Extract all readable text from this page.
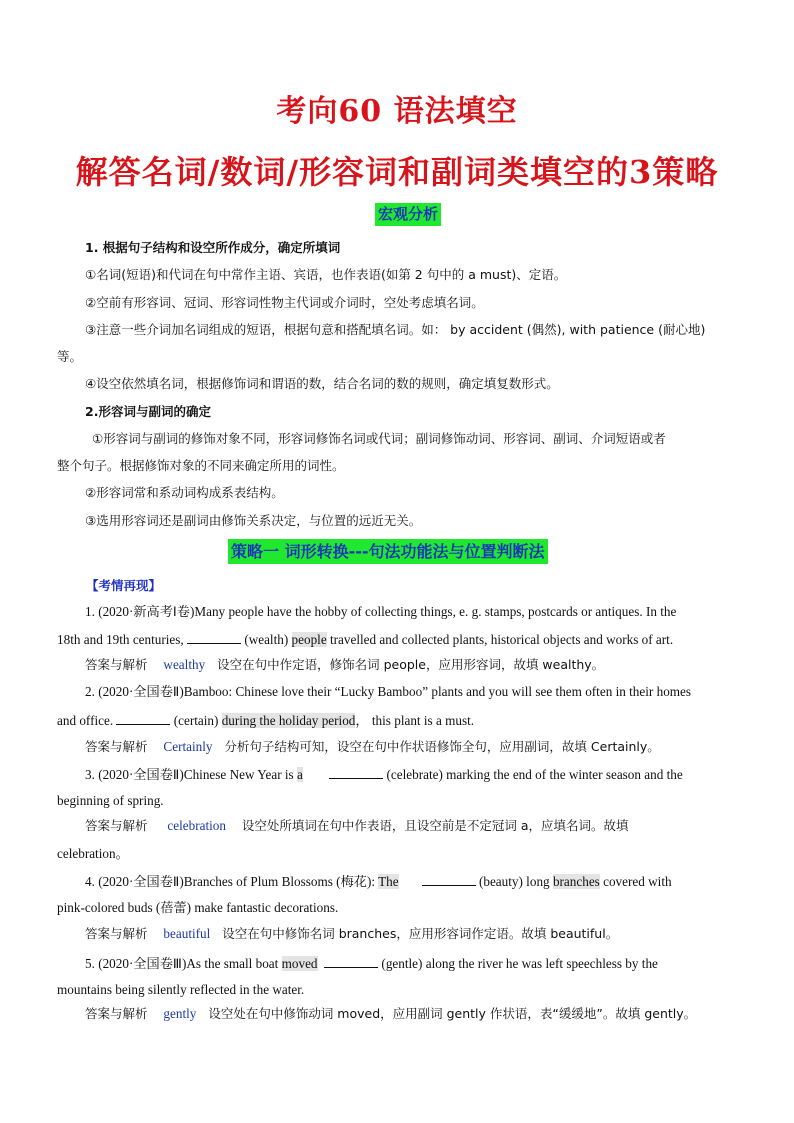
考向60 语法填空
解答名词/数词/形容词和副词类填空的3策略
宏观分析
1. 根据句子结构和设空所作成分，确定所填词
①名词(短语)和代词在句中常作主语、宾语，也作表语(如第 2 句中的 a must)、定语。
②空前有形容词、冠词、形容词性物主代词或介词时，空处考虑填名词。
③注意一些介词加名词组成的短语，根据句意和搭配填名词。如： by accident (偶然), with patience (耐心地)
等。
④设空依然填名词，根据修饰词和谓语的数，结合名词的数的规则，确定填复数形式。
2.形容词与副词的确定
①形容词与副词的修饰对象不同，形容词修饰名词或代词；副词修饰动词、形容词、副词、介词短语或者
整个句子。根据修饰对象的不同来确定所用的词性。
②形容词常和系动词构成系表结构。
③选用形容词还是副词由修饰关系决定，与位置的远近无关。
策略一 词形转换---句法功能法与位置判断法
【考情再现】
1. (2020·新高考Ⅰ卷)Many people have the hobby of collecting things, e. g. stamps, postcards or antiques. In the
18th and 19th centuries,	(wealth) people travelled and collected plants, historical objects and works of art.
答案与解析 wealthy 设空在句中作定语，修饰名词 people，应用形容词，故填 wealthy。
2. (2020·全国卷Ⅱ)Bamboo: Chinese love their “Lucky Bamboo” plants and you will see them often in their homes
and office.	(certain) during the holiday period， this plant is a must.
答案与解析 Certainly 分析句子结构可知，设空在句中作状语修饰全句，应用副词，故填 Certainly。
3. (2020·全国卷Ⅱ)Chinese New Year is a	(celebrate) marking the end of the winter season and the
beginning of spring.
答案与解析 celebration 设空处所填词在句中作表语，且设空前是不定冠词 a，应填名词。故填
celebration。
4. (2020·全国卷Ⅱ)Branches of Plum Blossoms (梅花): The	(beauty) long branches covered with
pink-colored buds (蓓蕾) make fantastic decorations.
答案与解析 beautiful 设空在句中修饰名词 branches，应用形容词作定语。故填 beautiful。
5. (2020·全国卷Ⅲ)As the small boat moved	(gentle) along the river he was left speechless by the
mountains being silently reflected in the water.
答案与解析 gently 设空处在句中修饰动词 moved，应用副词 gently 作状语，表“缓缓地”。故填 gently。
